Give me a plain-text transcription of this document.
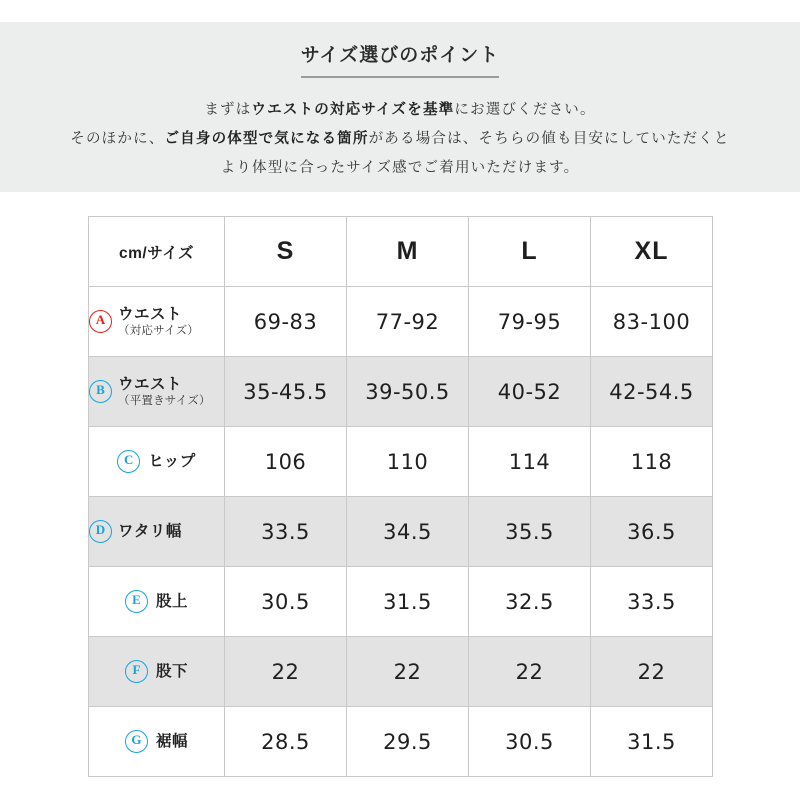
サイズ選びのポイント
まずはウエストの対応サイズを基準にお選びください。
そのほかに、ご自身の体型で気になる箇所がある場合は、そちらの値も目安にしていただくと
より体型に合ったサイズ感でご着用いただけます。
cm/サイズ	S	M	L	XL

A ウエスト
（対応サイズ）	69-83	77-92	79-95	83-100

B ウエスト
（平置きサイズ）	35-45.5	39-50.5	40-52	42-54.5

C ヒップ	106	110	114	118

D ワタリ幅	33.5	34.5	35.5	36.5

E 股上	30.5	31.5	32.5	33.5

F 股下	22	22	22	22

G 裾幅	28.5	29.5	30.5	31.5
